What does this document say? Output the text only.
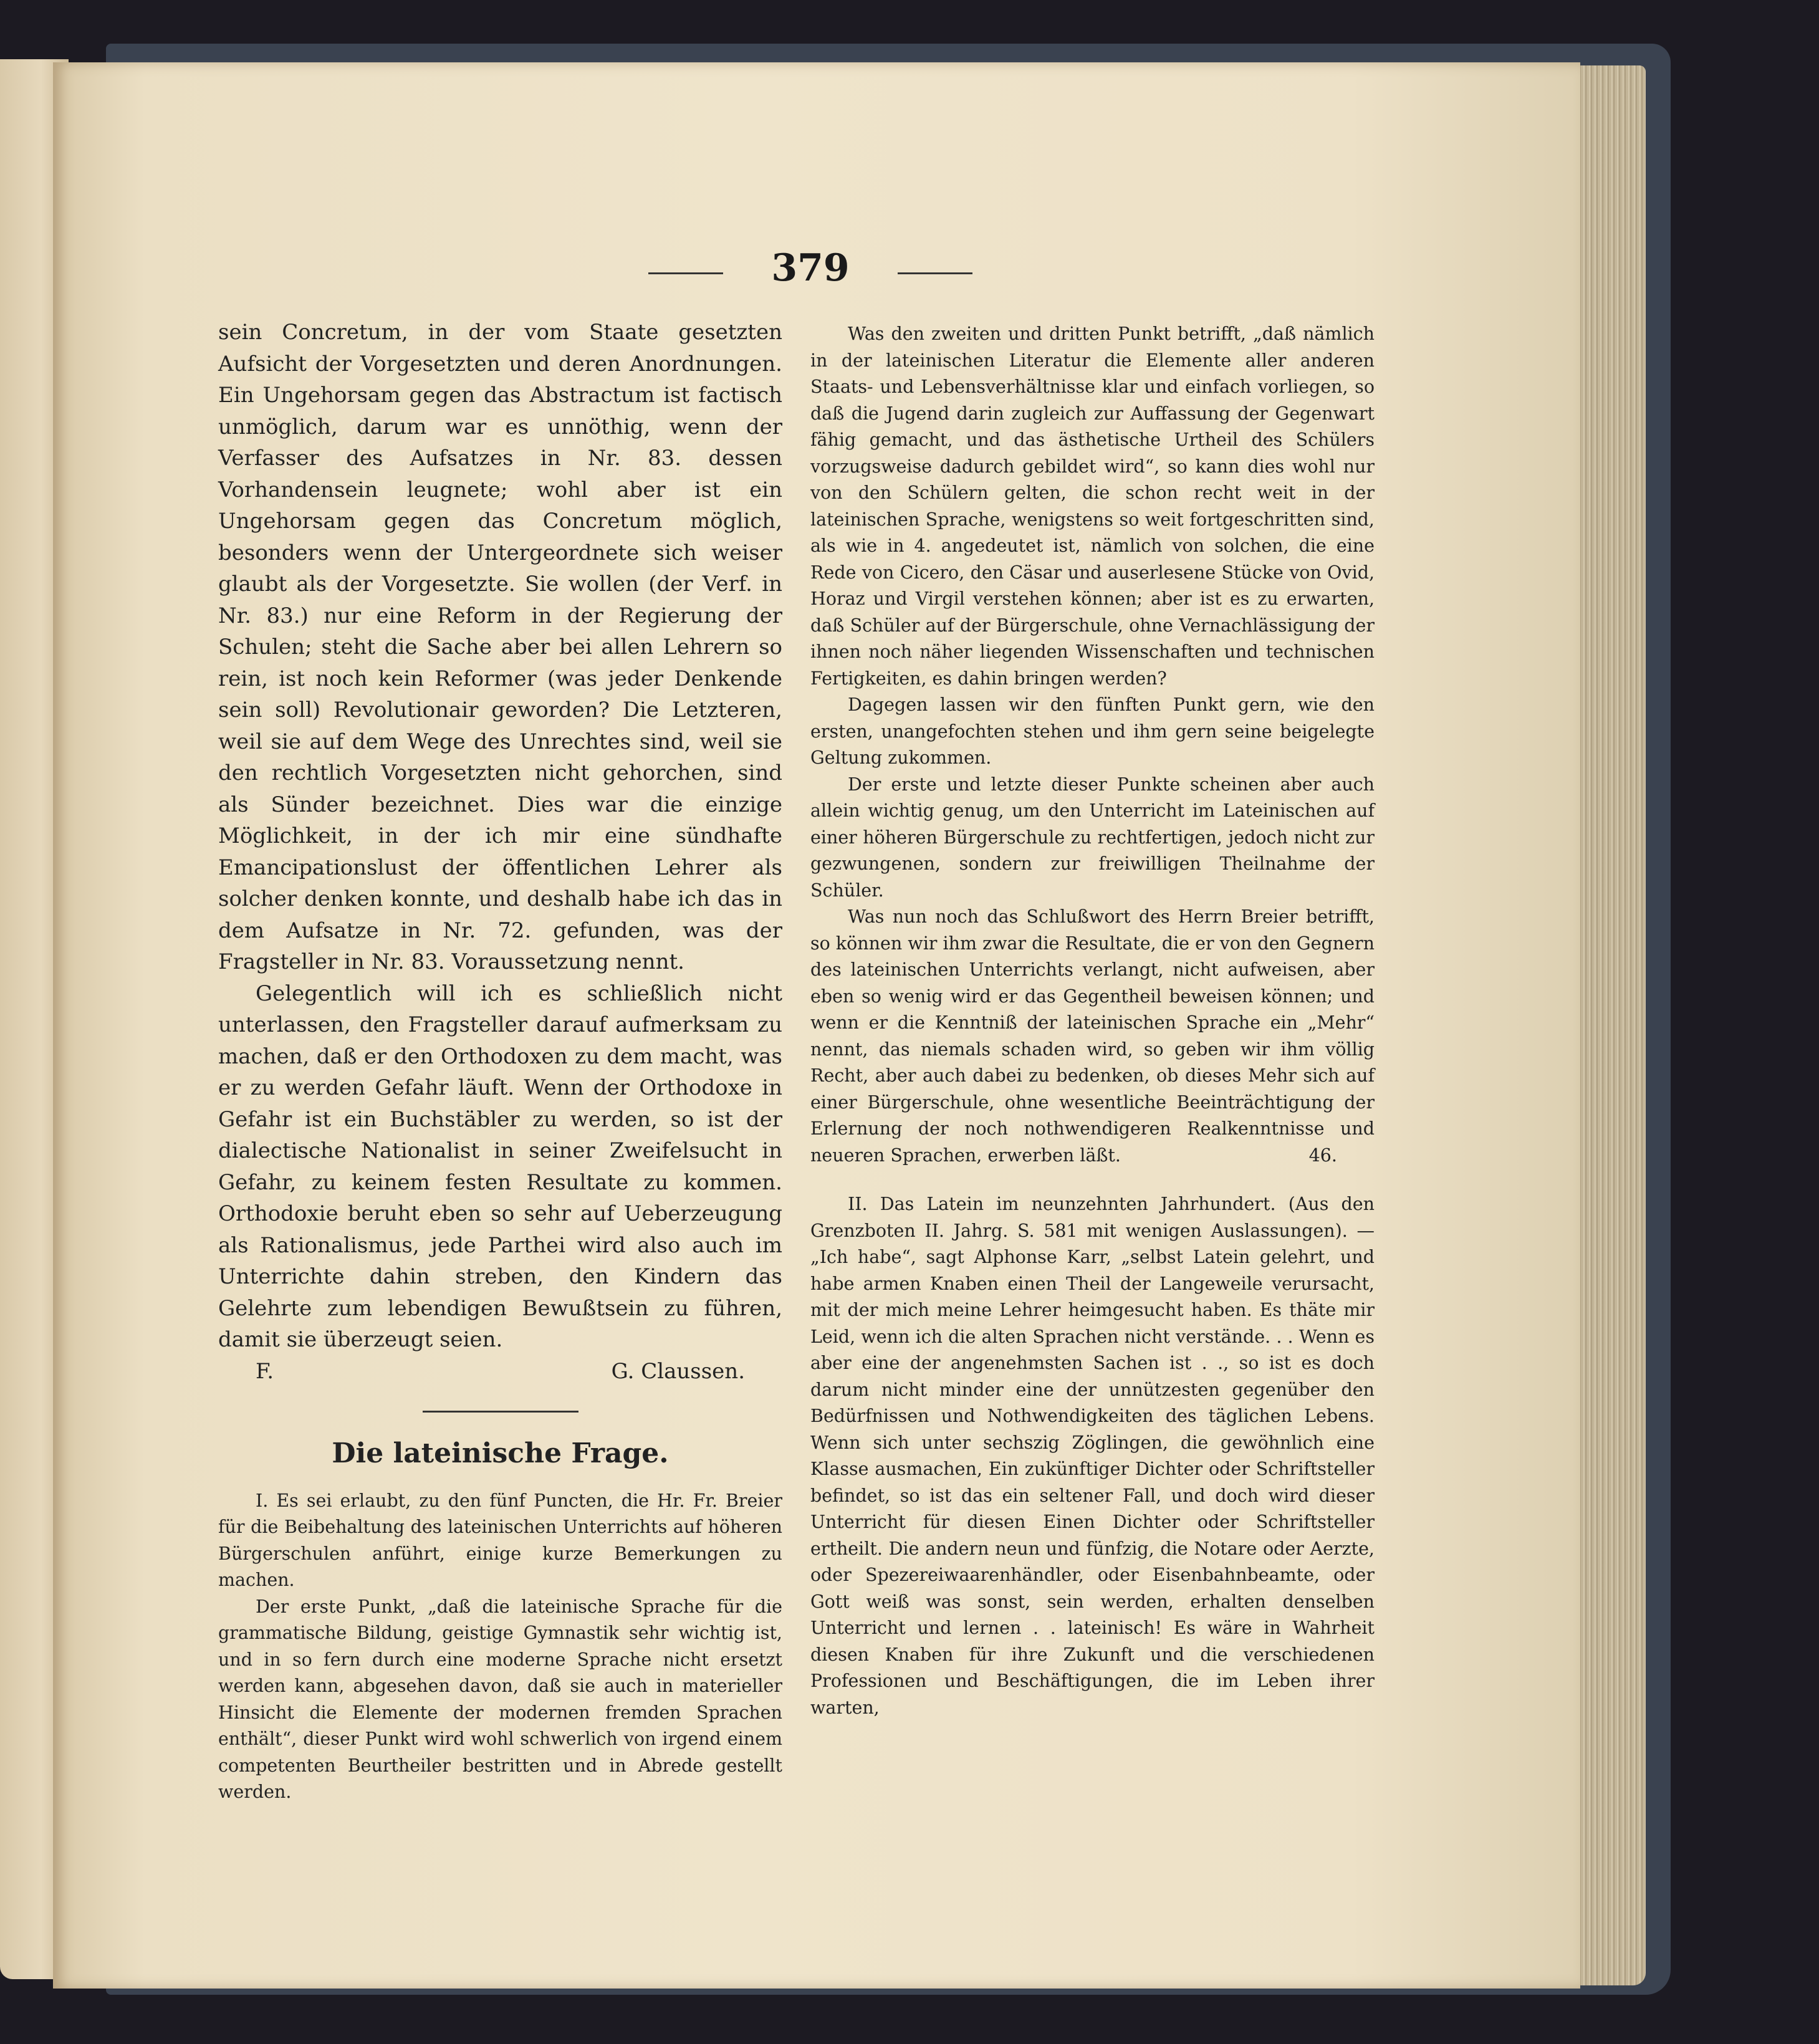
379

sein Concretum, in der vom Staate gesetzten Aufsicht der Vorgesetzten und deren Anordnungen. Ein Ungehorsam gegen das Abstractum ist factisch unmöglich, darum war es unnöthig, wenn der Verfasser des Aufsatzes in Nr. 83. dessen Vorhandensein leugnete; wohl aber ist ein Ungehorsam gegen das Concretum möglich, besonders wenn der Untergeordnete sich weiser glaubt als der Vorgesetzte. Sie wollen (der Verf. in Nr. 83.) nur eine Reform in der Regierung der Schulen; steht die Sache aber bei allen Lehrern so rein, ist noch kein Reformer (was jeder Denkende sein soll) Revolutionair geworden? Die Letzteren, weil sie auf dem Wege des Unrechtes sind, weil sie den rechtlich Vorgesetzten nicht gehorchen, sind als Sünder bezeichnet. Dies war die einzige Möglichkeit, in der ich mir eine sündhafte Emancipationslust der öffentlichen Lehrer als solcher denken konnte, und deshalb habe ich das in dem Aufsatze in Nr. 72. gefunden, was der Fragsteller in Nr. 83. Voraussetzung nennt.

Gelegentlich will ich es schließlich nicht unterlassen, den Fragsteller darauf aufmerksam zu machen, daß er den Orthodoxen zu dem macht, was er zu werden Gefahr läuft. Wenn der Orthodoxe in Gefahr ist ein Buchstäbler zu werden, so ist der dialectische Nationalist in seiner Zweifelsucht in Gefahr, zu keinem festen Resultate zu kommen. Orthodoxie beruht eben so sehr auf Ueberzeugung als Rationalismus, jede Parthei wird also auch im Unterrichte dahin streben, den Kindern das Gelehrte zum lebendigen Bewußtsein zu führen, damit sie überzeugt seien.

F.	G. Claussen.
Die lateinische Frage.

I. Es sei erlaubt, zu den fünf Puncten, die Hr. Fr. Breier für die Beibehaltung des lateinischen Unterrichts auf höheren Bürgerschulen anführt, einige kurze Bemerkungen zu machen.

Der erste Punkt, „daß die lateinische Sprache für die grammatische Bildung, geistige Gymnastik sehr wichtig ist, und in so fern durch eine moderne Sprache nicht ersetzt werden kann, abgesehen davon, daß sie auch in materieller Hinsicht die Elemente der modernen fremden Sprachen enthält“, dieser Punkt wird wohl schwerlich von irgend einem competenten Beurtheiler bestritten und in Abrede gestellt werden.

Was den zweiten und dritten Punkt betrifft, „daß nämlich in der lateinischen Literatur die Elemente aller anderen Staats- und Lebensverhältnisse klar und einfach vorliegen, so daß die Jugend darin zugleich zur Auffassung der Gegenwart fähig gemacht, und das ästhetische Urtheil des Schülers vorzugsweise dadurch gebildet wird“, so kann dies wohl nur von den Schülern gelten, die schon recht weit in der lateinischen Sprache, wenigstens so weit fortgeschritten sind, als wie in 4. angedeutet ist, nämlich von solchen, die eine Rede von Cicero, den Cäsar und auserlesene Stücke von Ovid, Horaz und Virgil verstehen können; aber ist es zu erwarten, daß Schüler auf der Bürgerschule, ohne Vernachlässigung der ihnen noch näher liegenden Wissenschaften und technischen Fertigkeiten, es dahin bringen werden?

Dagegen lassen wir den fünften Punkt gern, wie den ersten, unangefochten stehen und ihm gern seine beigelegte Geltung zukommen.

Der erste und letzte dieser Punkte scheinen aber auch allein wichtig genug, um den Unterricht im Lateinischen auf einer höheren Bürgerschule zu rechtfertigen, jedoch nicht zur gezwungenen, sondern zur freiwilligen Theilnahme der Schüler.

Was nun noch das Schlußwort des Herrn Breier betrifft, so können wir ihm zwar die Resultate, die er von den Gegnern des lateinischen Unterrichts verlangt, nicht aufweisen, aber eben so wenig wird er das Gegentheil beweisen können; und wenn er die Kenntniß der lateinischen Sprache ein „Mehr“ nennt, das niemals schaden wird, so geben wir ihm völlig Recht, aber auch dabei zu bedenken, ob dieses Mehr sich auf einer Bürgerschule, ohne wesentliche Beeinträchtigung der Erlernung der noch nothwendigeren Realkenntnisse und neueren Sprachen, erwerben läßt.	46.

II. Das Latein im neunzehnten Jahrhundert. (Aus den Grenzboten II. Jahrg. S. 581 mit wenigen Auslassungen). — „Ich habe“, sagt Alphonse Karr, „selbst Latein gelehrt, und habe armen Knaben einen Theil der Langeweile verursacht, mit der mich meine Lehrer heimgesucht haben. Es thäte mir Leid, wenn ich die alten Sprachen nicht verstände. . . Wenn es aber eine der angenehmsten Sachen ist . ., so ist es doch darum nicht minder eine der unnützesten gegenüber den Bedürfnissen und Nothwendigkeiten des täglichen Lebens. Wenn sich unter sechszig Zöglingen, die gewöhnlich eine Klasse ausmachen, Ein zukünftiger Dichter oder Schriftsteller befindet, so ist das ein seltener Fall, und doch wird dieser Unterricht für diesen Einen Dichter oder Schriftsteller ertheilt. Die andern neun und fünfzig, die Notare oder Aerzte, oder Spezereiwaarenhändler, oder Eisenbahnbeamte, oder Gott weiß was sonst, sein werden, erhalten denselben Unterricht und lernen . . lateinisch! Es wäre in Wahrheit diesen Knaben für ihre Zukunft und die verschiedenen Professionen und Beschäftigungen, die im Leben ihrer warten,
